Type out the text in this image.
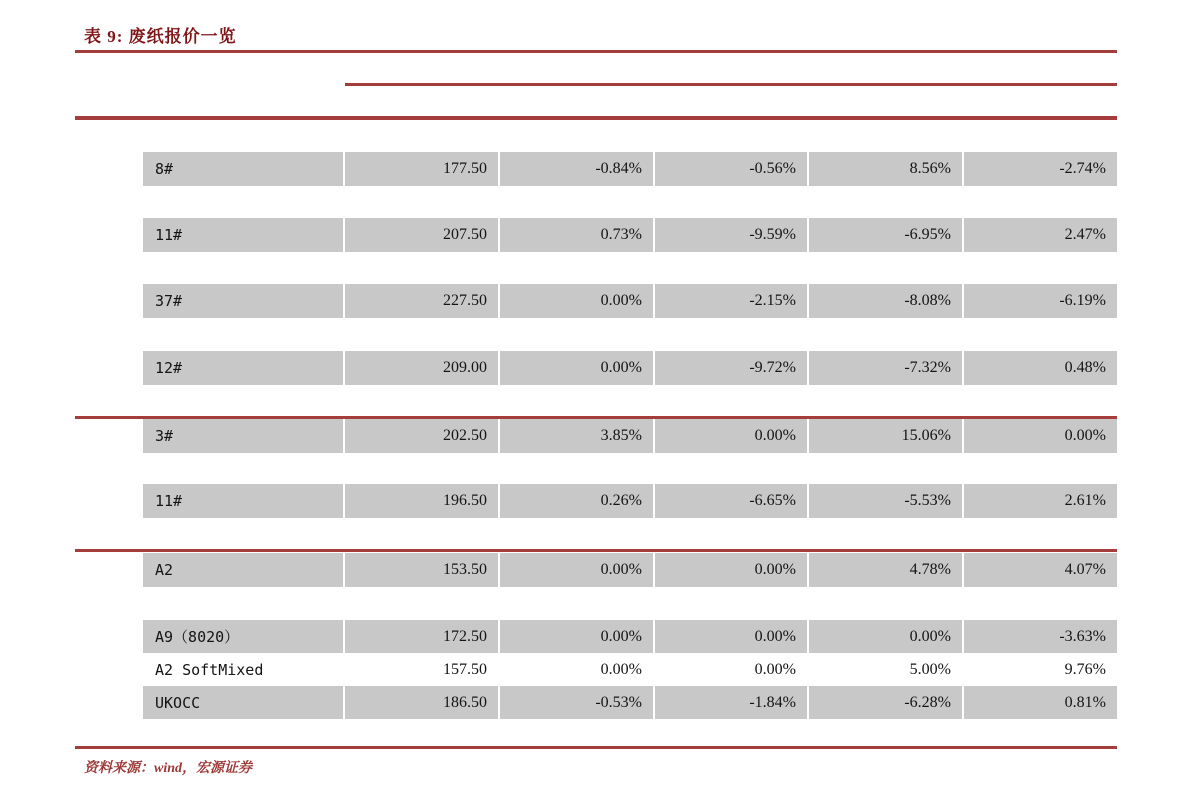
表 9: 废纸报价一览
8#	177.50	-0.84%	-0.56%	8.56%	-2.74%
11#	207.50	0.73%	-9.59%	-6.95%	2.47%
37#	227.50	0.00%	-2.15%	-8.08%	-6.19%
12#	209.00	0.00%	-9.72%	-7.32%	0.48%
3#	202.50	3.85%	0.00%	15.06%	0.00%
11#	196.50	0.26%	-6.65%	-5.53%	2.61%
A2	153.50	0.00%	0.00%	4.78%	4.07%
A9（8020）	172.50	0.00%	0.00%	0.00%	-3.63%
A2 SoftMixed	157.50	0.00%	0.00%	5.00%	9.76%
UKOCC	186.50	-0.53%	-1.84%	-6.28%	0.81%
资料来源：wind，宏源证券
